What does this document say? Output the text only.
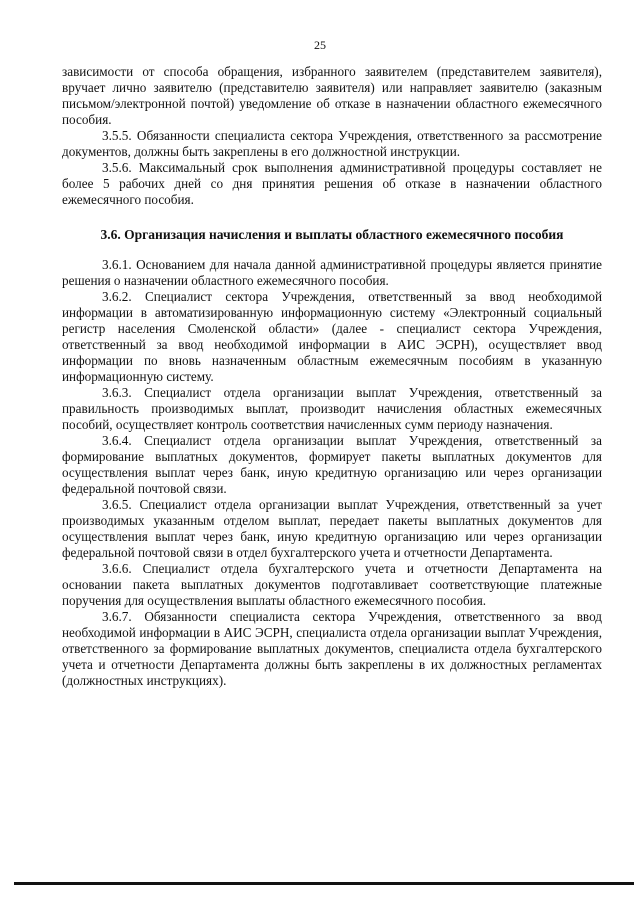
25

зависимости от способа обращения, избранного заявителем (представителем заявителя), вручает лично заявителю (представителю заявителя) или направляет заявителю (заказным письмом/электронной почтой) уведомление об отказе в назначении областного ежемесячного пособия.

3.5.5. Обязанности специалиста сектора Учреждения, ответственного за рассмотрение документов, должны быть закреплены в его должностной инструкции.

3.5.6. Максимальный срок выполнения административной процедуры составляет не более 5 рабочих дней со дня принятия решения об отказе в назначении областного ежемесячного пособия.

3.6. Организация начисления и выплаты областного ежемесячного пособия

3.6.1. Основанием для начала данной административной процедуры является принятие решения о назначении областного ежемесячного пособия.

3.6.2. Специалист сектора Учреждения, ответственный за ввод необходимой информации в автоматизированную информационную систему «Электронный социальный регистр населения Смоленской области» (далее - специалист сектора Учреждения, ответственный за ввод необходимой информации в АИС ЭСРН), осуществляет ввод информации по вновь назначенным областным ежемесячным пособиям в указанную информационную систему.

3.6.3. Специалист отдела организации выплат Учреждения, ответственный за правильность производимых выплат, производит начисления областных ежемесячных пособий, осуществляет контроль соответствия начисленных сумм периоду назначения.

3.6.4. Специалист отдела организации выплат Учреждения, ответственный за формирование выплатных документов, формирует пакеты выплатных документов для осуществления выплат через банк, иную кредитную организацию или через организации федеральной почтовой связи.

3.6.5. Специалист отдела организации выплат Учреждения, ответственный за учет производимых указанным отделом выплат, передает пакеты выплатных документов для осуществления выплат через банк, иную кредитную организацию или через организации федеральной почтовой связи в отдел бухгалтерского учета и отчетности Департамента.

3.6.6. Специалист отдела бухгалтерского учета и отчетности Департамента на основании пакета выплатных документов подготавливает соответствующие платежные поручения для осуществления выплаты областного ежемесячного пособия.

3.6.7. Обязанности специалиста сектора Учреждения, ответственного за ввод необходимой информации в АИС ЭСРН, специалиста отдела организации выплат Учреждения, ответственного за формирование выплатных документов, специалиста отдела бухгалтерского учета и отчетности Департамента должны быть закреплены в их должностных регламентах (должностных инструкциях).
